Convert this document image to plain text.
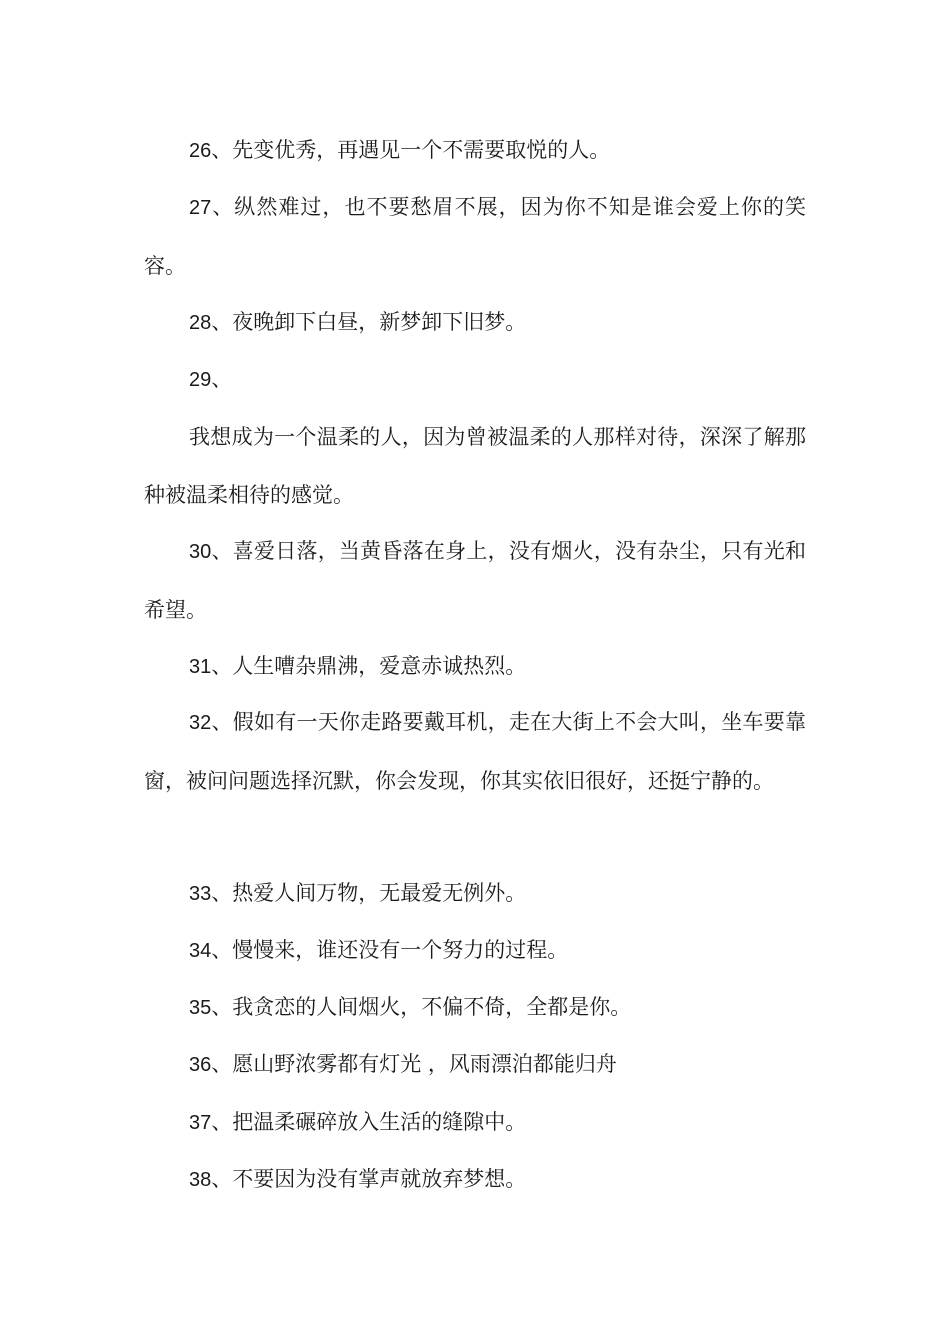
26、先变优秀，再遇见一个不需要取悦的人。

27、纵然难过，也不要愁眉不展，因为你不知是谁会爱上你的笑容。

28、夜晚卸下白昼，新梦卸下旧梦。

29、

我想成为一个温柔的人，因为曾被温柔的人那样对待，深深了解那种被温柔相待的感觉。

30、喜爱日落，当黄昏落在身上，没有烟火，没有杂尘，只有光和希望。

31、人生嘈杂鼎沸，爱意赤诚热烈。

32、假如有一天你走路要戴耳机，走在大街上不会大叫，坐车要靠窗，被问问题选择沉默，你会发现，你其实依旧很好，还挺宁静的。

33、热爱人间万物，无最爱无例外。

34、慢慢来，谁还没有一个努力的过程。

35、我贪恋的人间烟火，不偏不倚，全都是你。

36、愿山野浓雾都有灯光 ，风雨漂泊都能归舟

37、把温柔碾碎放入生活的缝隙中。

38、不要因为没有掌声就放弃梦想。
